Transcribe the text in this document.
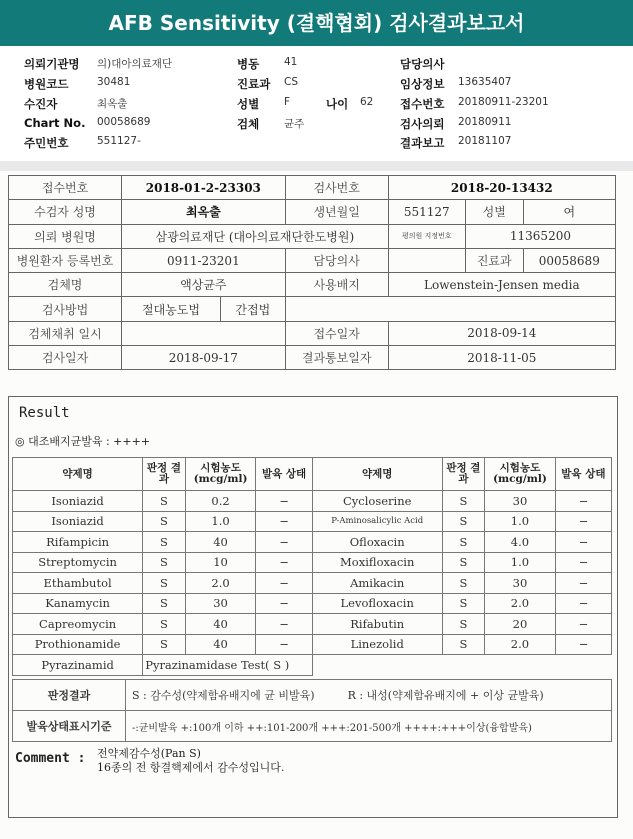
AFB Sensitivity (결핵협회) 검사결과보고서
의뢰기관명 의)대아의료재단	병동 41	담당의사
병원코드	30481	진료과 CS	임상정보 13635407
수진자	최옥출	성별 F	나이 62 접수번호 20180911-23201
Chart No. 00058689	검체 균주	검사의뢰 20180911
주민번호	551127-	결과보고 20181107
접수번호	2018-01-2-23303		검사번호	2018-20-13432		
수검자 성명	최옥출		생년월일	551127	성별	여
의뢰 병원명	삼광의료재단 (대아의료재단한도병원)			평의원 지정번호	11365200	
병원환자 등록번호	0911-23201		담당의사		진료과	00058689
검체명	액상균주		사용배지	Lowenstein-Jensen media		
검사방법	절대농도법	간접법				
검체채취 일시			접수일자	2018-09-14		
검사일자	2018-09-17		결과통보일자	2018-11-05		
Result
◎ 대조배지균발육 : ++++
약제명	판정 결과	시험농도 (mcg/ml)	발육 상태	약제명	판정 결과	시험농도 (mcg/ml)	발육 상태
Isoniazid	S	0.2	−	Cycloserine	S	30	−
Isoniazid	S	1.0	−	P-Aminosalicylic Acid	S	1.0	−
Rifampicin	S	40	−	Ofloxacin	S	4.0	−
Streptomycin	S	10	−	Moxifloxacin	S	1.0	−
Ethambutol	S	2.0	−	Amikacin	S	30	−
Kanamycin	S	30	−	Levofloxacin	S	2.0	−
Capreomycin	S	40	−	Rifabutin	S	20	−
Prothionamide	S	40	−	Linezolid	S	2.0	−
Pyrazinamid	Pyrazinamidase Test( S )						
판정결과	S : 감수성(약제함유배지에 균 비발육) R : 내성(약제함유배지에 + 이상 균발육)
발육상태표시기준	-:균비발육 +:100개 이하 ++:101-200개 +++:201-500개 ++++:+++이상(융합발육)
Comment : 전약제감수성(Pan S)
16종의 전 항결핵제에서 감수성입니다.
